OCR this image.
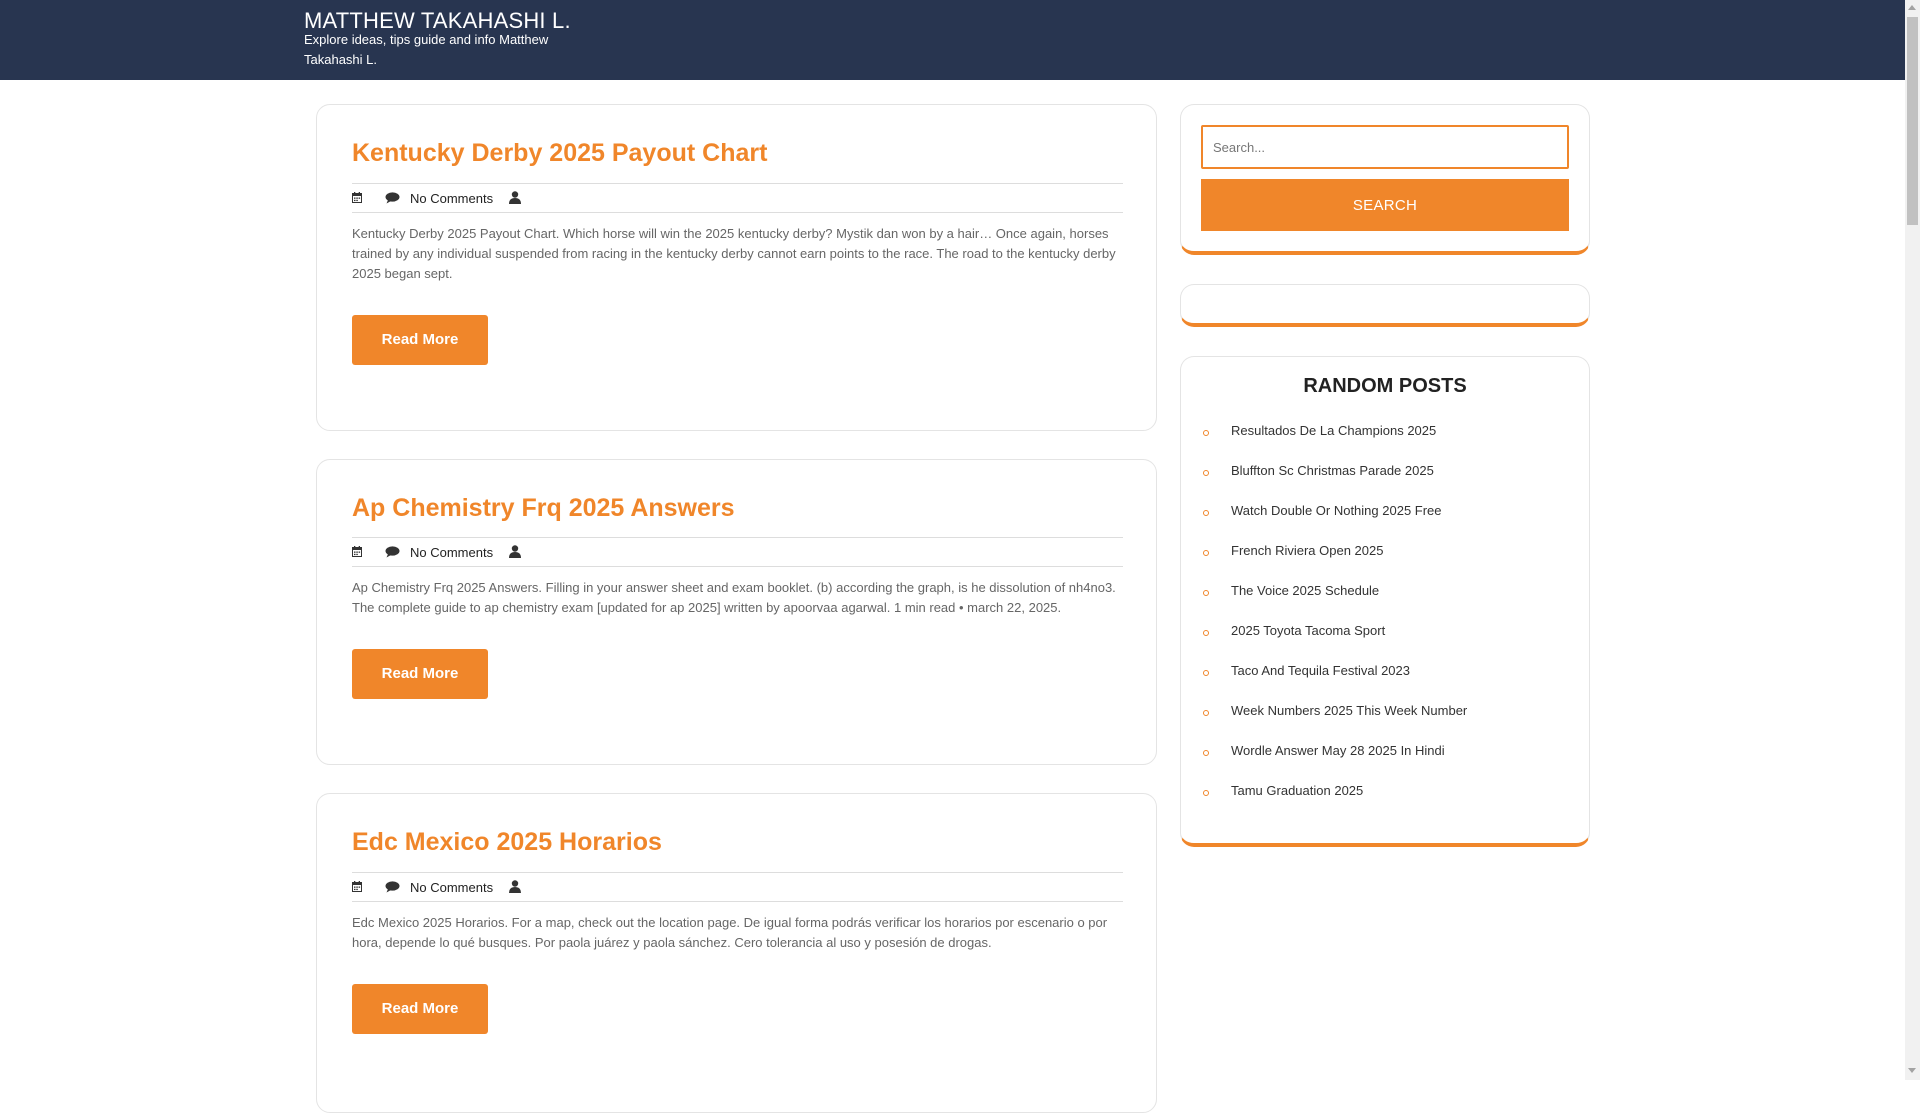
MATTHEW TAKAHASHI L.
Explore ideas, tips guide and info Matthew Takahashi L.
Kentucky Derby 2025 Payout Chart
No Comments
Kentucky Derby 2025 Payout Chart. Which horse will win the 2025 kentucky derby? Mystik dan won by a hair… Once again, horses trained by any individual suspended from racing in the kentucky derby cannot earn points to the race. The road to the kentucky derby 2025 began sept.
Read More
Ap Chemistry Frq 2025 Answers
No Comments
Ap Chemistry Frq 2025 Answers. Filling in your answer sheet and exam booklet. (b) according the graph, is he dissolution of nh4no3. The complete guide to ap chemistry exam [updated for ap 2025] written by apoorvaa agarwal. 1 min read • march 22, 2025.
Read More
Edc Mexico 2025 Horarios
No Comments
Edc Mexico 2025 Horarios. For a map, check out the location page. De igual forma podrás verificar los horarios por escenario o por hora, depende lo qué busques. Por paola juárez y paola sánchez. Cero tolerancia al uso y posesión de drogas.
Read More
Search...
SEARCH
RANDOM POSTS
Resultados De La Champions 2025
Bluffton Sc Christmas Parade 2025
Watch Double Or Nothing 2025 Free
French Riviera Open 2025
The Voice 2025 Schedule
2025 Toyota Tacoma Sport
Taco And Tequila Festival 2023
Week Numbers 2025 This Week Number
Wordle Answer May 28 2025 In Hindi
Tamu Graduation 2025
